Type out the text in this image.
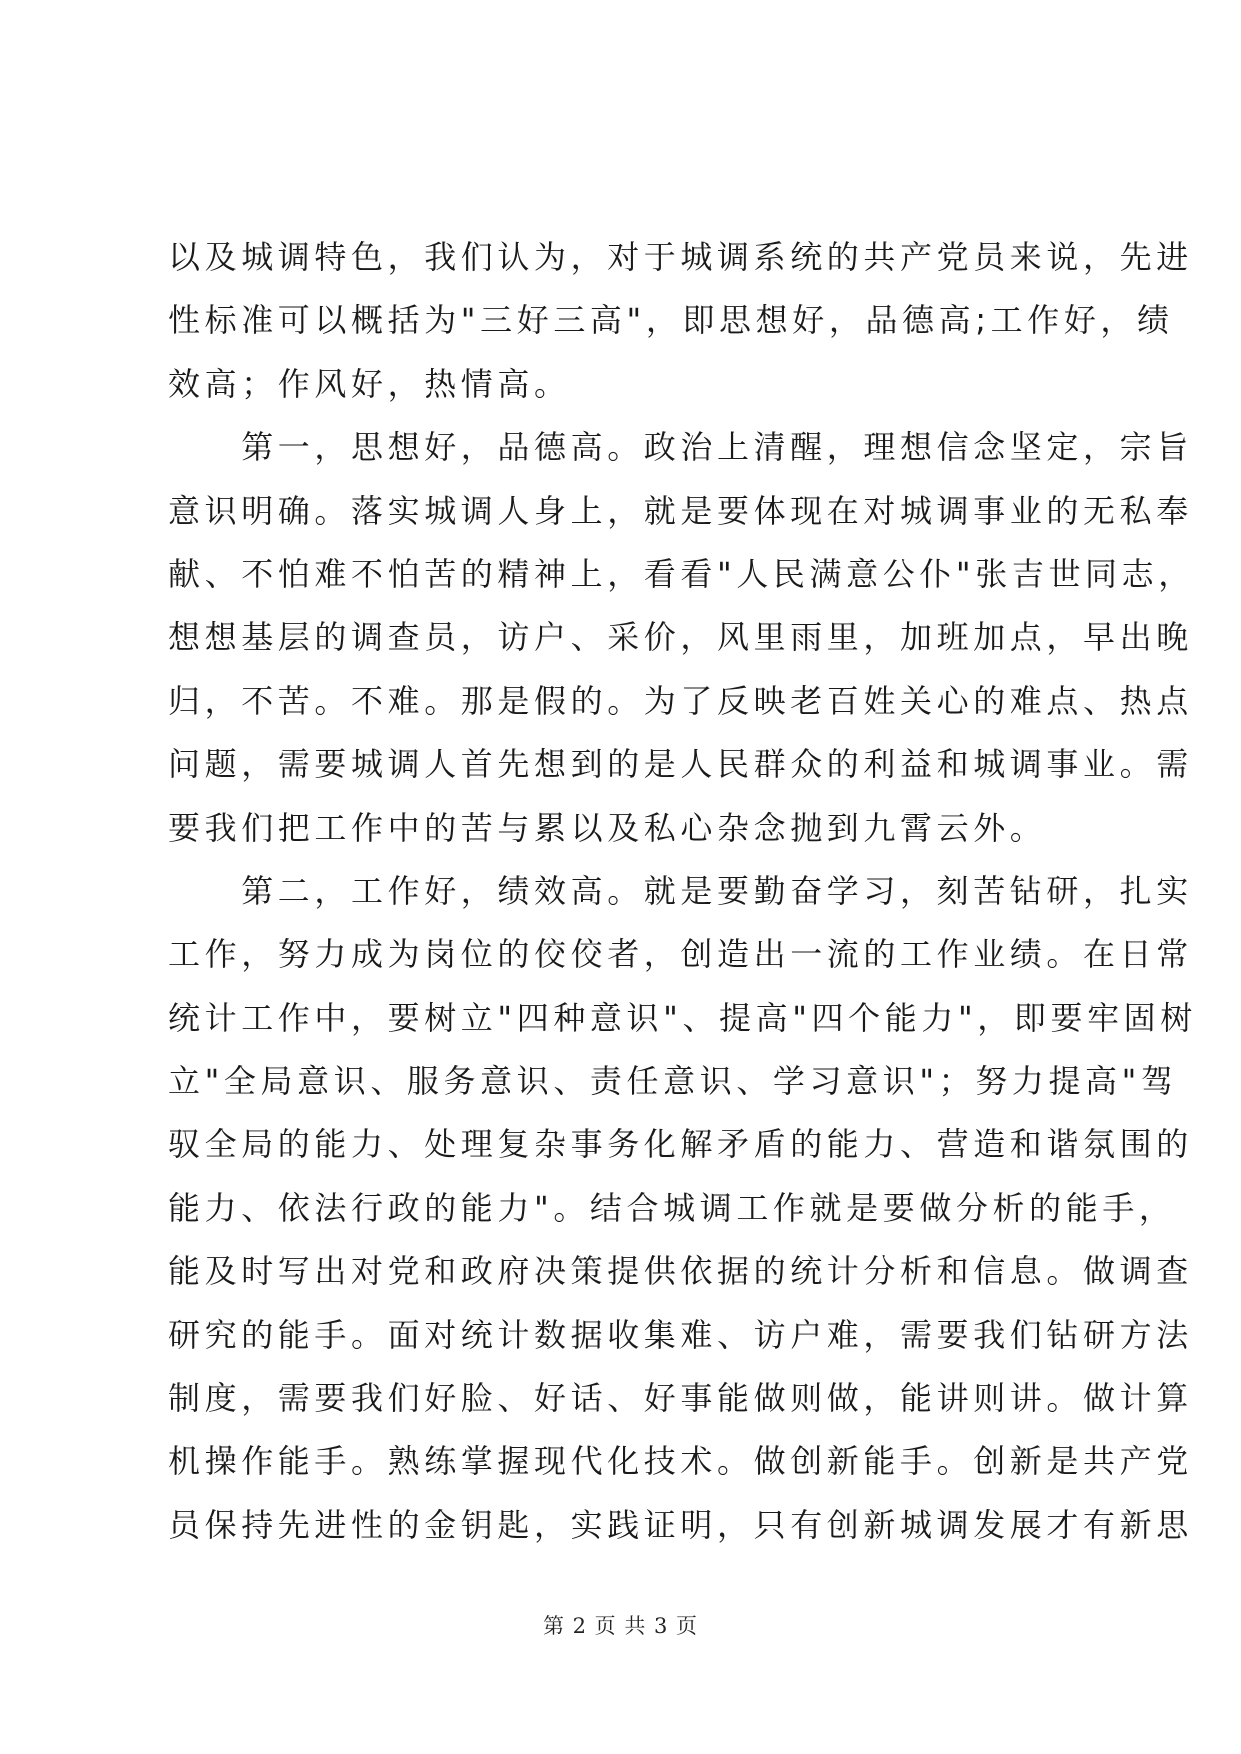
以及城调特色，我们认为，对于城调系统的共产党员来说，先进
性标准可以概括为"三好三高"，即思想好，品德高;工作好，绩
效高；作风好，热情高。
　　第一，思想好，品德高。政治上清醒，理想信念坚定，宗旨
意识明确。落实城调人身上，就是要体现在对城调事业的无私奉
献、不怕难不怕苦的精神上，看看"人民满意公仆"张吉世同志，
想想基层的调查员，访户、采价，风里雨里，加班加点，早出晚
归，不苦。不难。那是假的。为了反映老百姓关心的难点、热点
问题，需要城调人首先想到的是人民群众的利益和城调事业。需
要我们把工作中的苦与累以及私心杂念抛到九霄云外。
　　第二，工作好，绩效高。就是要勤奋学习，刻苦钻研，扎实
工作，努力成为岗位的佼佼者，创造出一流的工作业绩。在日常
统计工作中，要树立"四种意识"、提高"四个能力"，即要牢固树
立"全局意识、服务意识、责任意识、学习意识"；努力提高"驾
驭全局的能力、处理复杂事务化解矛盾的能力、营造和谐氛围的
能力、依法行政的能力"。结合城调工作就是要做分析的能手，
能及时写出对党和政府决策提供依据的统计分析和信息。做调查
研究的能手。面对统计数据收集难、访户难，需要我们钻研方法
制度，需要我们好脸、好话、好事能做则做，能讲则讲。做计算
机操作能手。熟练掌握现代化技术。做创新能手。创新是共产党
员保持先进性的金钥匙，实践证明，只有创新城调发展才有新思
第 2 页 共 3 页
